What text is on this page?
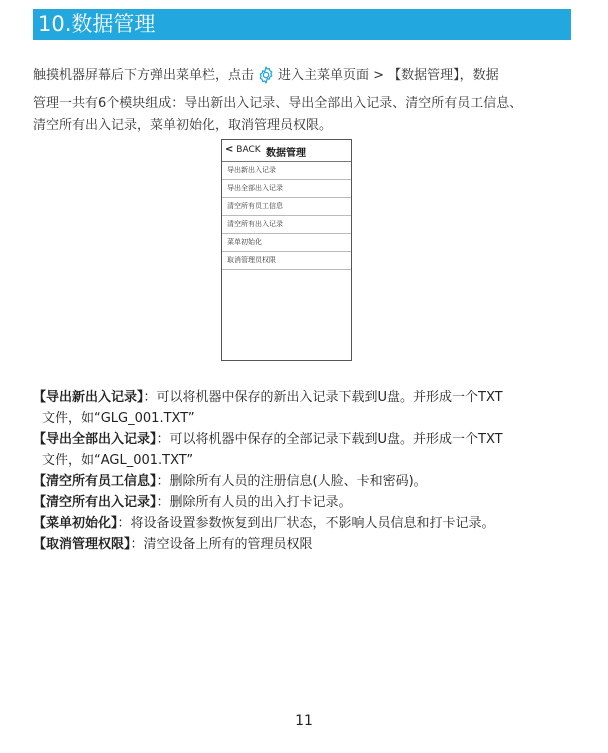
10.数据管理
触摸机器屏幕后下方弹出菜单栏，点击 进入主菜单页面 > 【数据管理】，数据
管理一共有6个模块组成：导出新出入记录、导出全部出入记录、清空所有员工信息、
清空所有出入记录，菜单初始化，取消管理员权限。
< BACK 数据管理
导出新出入记录
导出全部出入记录
清空所有员工信息
清空所有出入记录
菜单初始化
取消管理员权限
【导出新出入记录】：可以将机器中保存的新出入记录下载到U盘。并形成一个TXT
文件，如“GLG_001.TXT”
【导出全部出入记录】：可以将机器中保存的全部记录下载到U盘。并形成一个TXT
文件，如“AGL_001.TXT”
【清空所有员工信息】：删除所有人员的注册信息(人脸、卡和密码)。
【清空所有出入记录】：删除所有人员的出入打卡记录。
【菜单初始化】：将设备设置参数恢复到出厂状态，不影响人员信息和打卡记录。
【取消管理权限】：清空设备上所有的管理员权限
11
